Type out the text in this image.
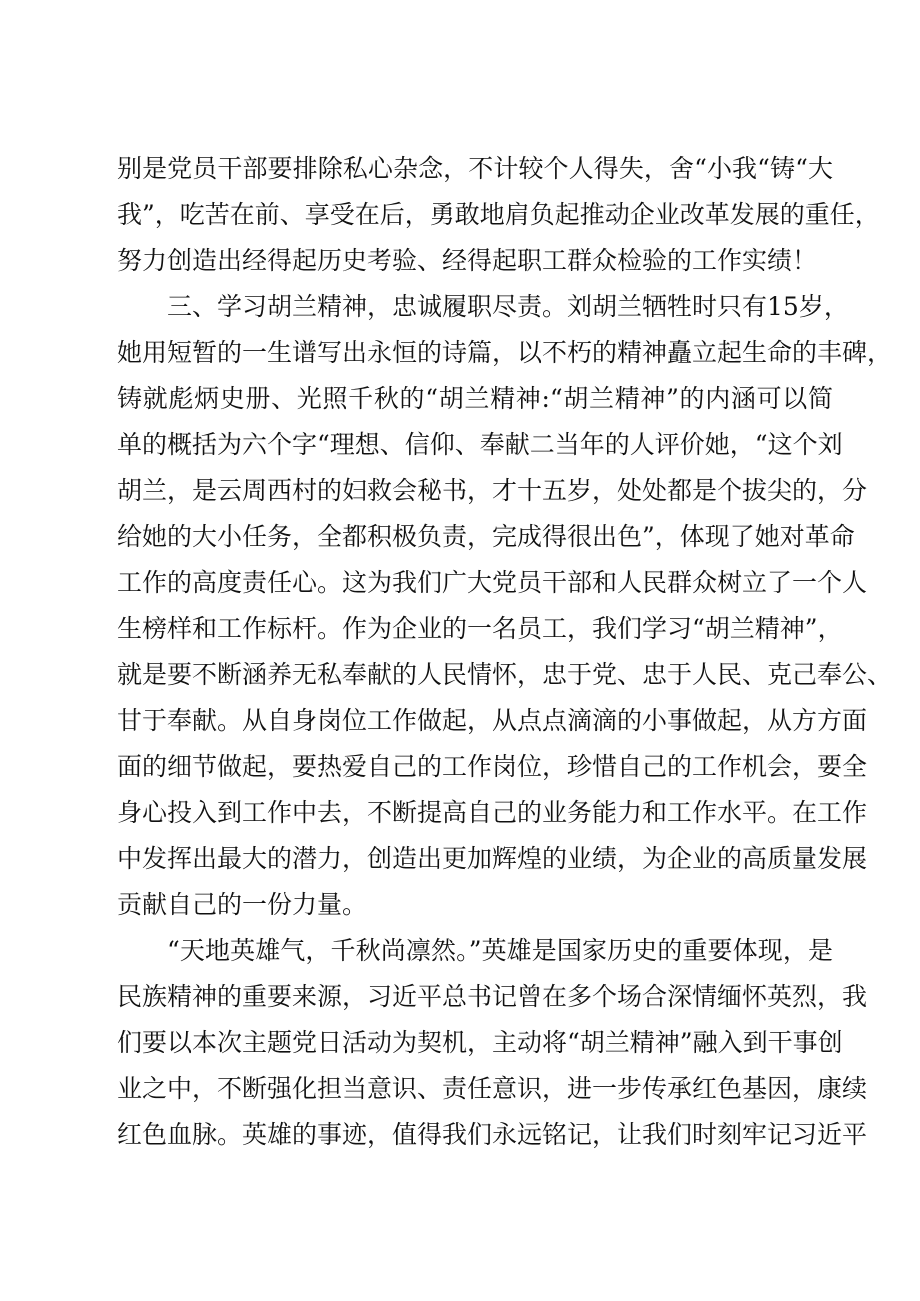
别是党员干部要排除私心杂念，不计较个人得失，舍“小我“铸“大
我”，吃苦在前、享受在后，勇敢地肩负起推动企业改革发展的重任，
努力创造出经得起历史考验、经得起职工群众检验的工作实绩！
三、学习胡兰精神，忠诚履职尽责。刘胡兰牺牲时只有15岁，
她用短暂的一生谱写出永恒的诗篇，以不朽的精神矗立起生命的丰碑，
铸就彪炳史册、光照千秋的“胡兰精神:“胡兰精神”的内涵可以简
单的概括为六个字“理想、信仰、奉献二当年的人评价她，“这个刘
胡兰，是云周西村的妇救会秘书，才十五岁，处处都是个拔尖的，分
给她的大小任务，全都积极负责，完成得很出色”，体现了她对革命
工作的高度责任心。这为我们广大党员干部和人民群众树立了一个人
生榜样和工作标杆。作为企业的一名员工，我们学习“胡兰精神”，
就是要不断涵养无私奉献的人民情怀，忠于党、忠于人民、克己奉公、
甘于奉献。从自身岗位工作做起，从点点滴滴的小事做起，从方方面
面的细节做起，要热爱自己的工作岗位，珍惜自己的工作机会，要全
身心投入到工作中去，不断提高自己的业务能力和工作水平。在工作
中发挥出最大的潜力，创造出更加辉煌的业绩，为企业的高质量发展
贡献自己的一份力量。
“天地英雄气，千秋尚凛然。”英雄是国家历史的重要体现，是
民族精神的重要来源，习近平总书记曾在多个场合深情缅怀英烈，我
们要以本次主题党日活动为契机，主动将“胡兰精神”融入到干事创
业之中，不断强化担当意识、责任意识，进一步传承红色基因，康续
红色血脉。英雄的事迹，值得我们永远铭记，让我们时刻牢记习近平
